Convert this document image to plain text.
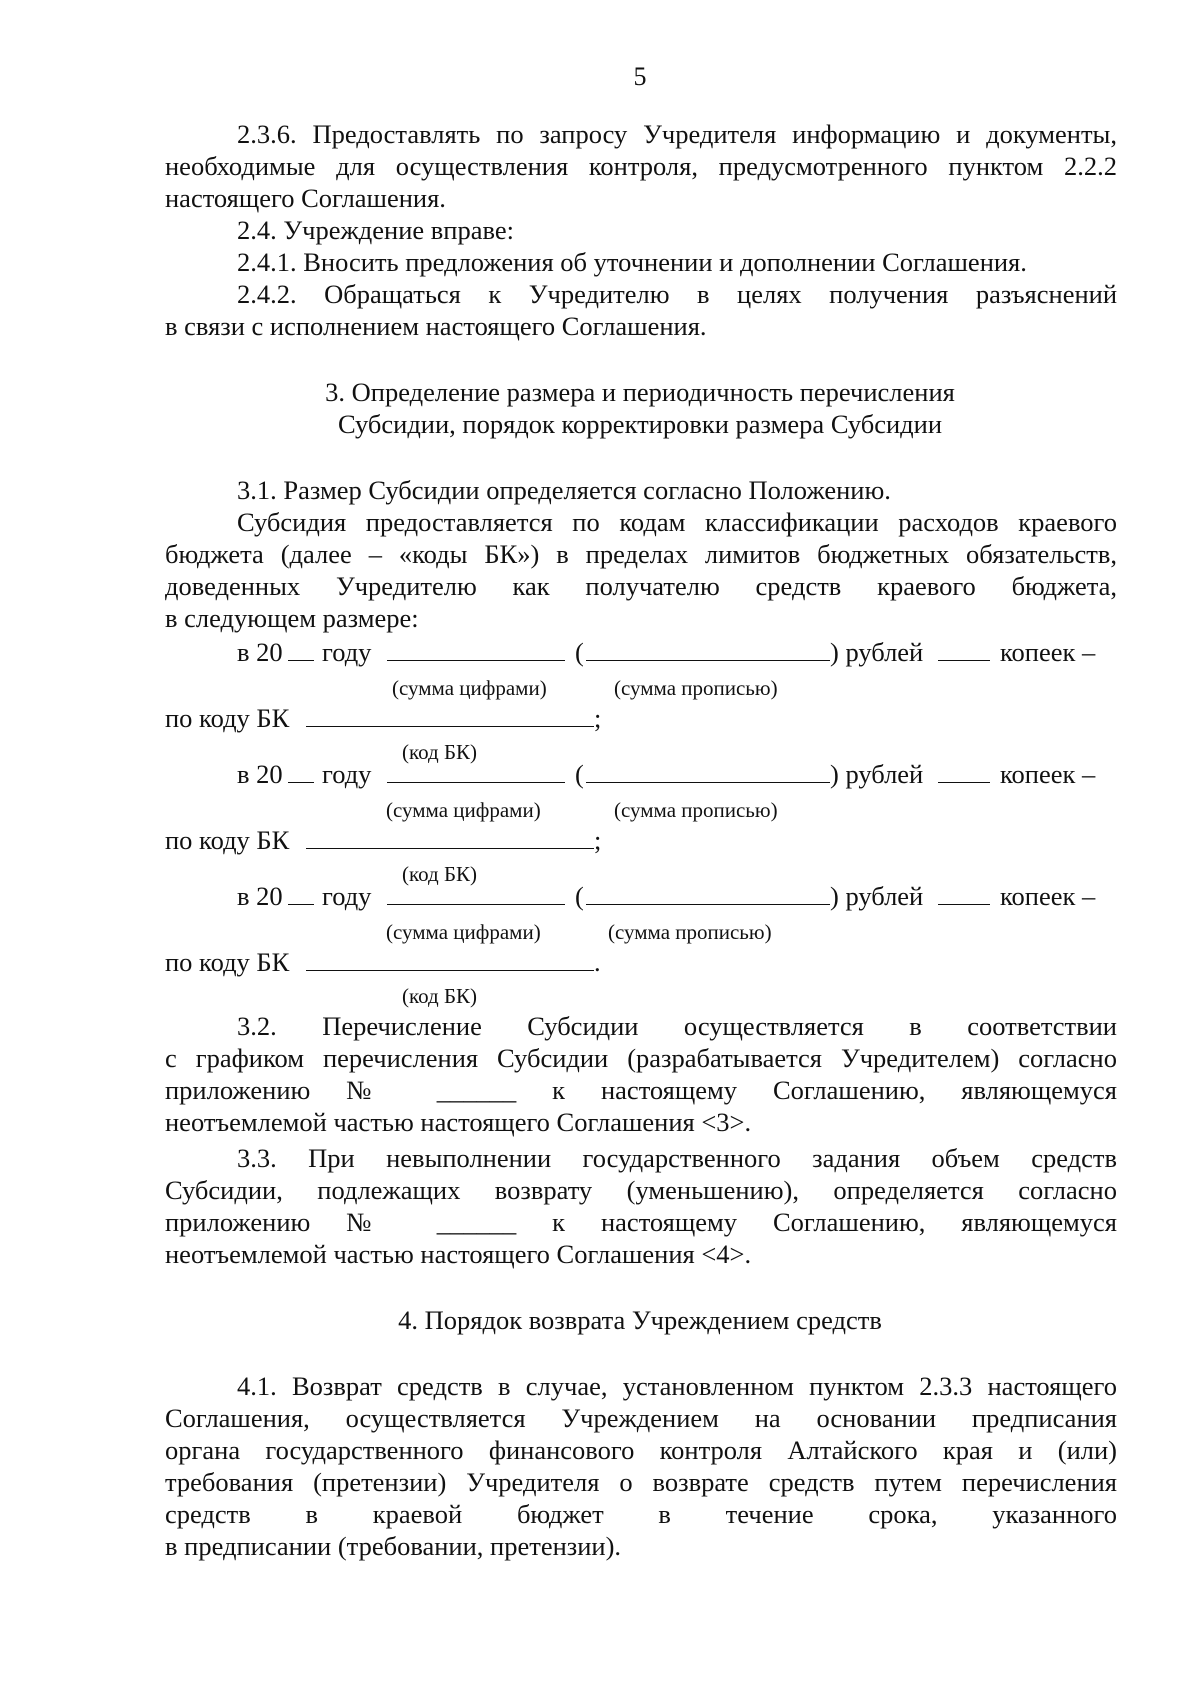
5
2.3.6. Предоставлять по запросу Учредителя информацию и документы,
необходимые для осуществления контроля, предусмотренного пунктом 2.2.2
настоящего Соглашения.
2.4. Учреждение вправе:
2.4.1. Вносить предложения об уточнении и дополнении Соглашения.
2.4.2. Обращаться к Учредителю в целях получения разъяснений
в связи с исполнением настоящего Соглашения.
3. Определение размера и периодичность перечисления
Субсидии, порядок корректировки размера Субсидии
3.1. Размер Субсидии определяется согласно Положению.
Субсидия предоставляется по кодам классификации расходов краевого
бюджета (далее – «коды БК») в пределах лимитов бюджетных обязательств,
доведенных Учредителю как получателю средств краевого бюджета,
в следующем размере:
в 20 году	(	) рублей	копеек –
(сумма цифрами)	(сумма прописью)
по коду БК	;
(код БК)
в 20 году	(	) рублей	копеек –
(сумма цифрами)	(сумма прописью)
по коду БК	;
(код БК)
в 20 году	(	) рублей	копеек –
(сумма цифрами)	(сумма прописью)
по коду БК	.
(код БК)
3.2. Перечисление Субсидии осуществляется в соответствии
с графиком перечисления Субсидии (разрабатывается Учредителем) согласно
приложению № ______ к настоящему Соглашению, являющемуся
неотъемлемой частью настоящего Соглашения <3>.
3.3. При невыполнении государственного задания объем средств
Субсидии, подлежащих возврату (уменьшению), определяется согласно
приложению № ______ к настоящему Соглашению, являющемуся
неотъемлемой частью настоящего Соглашения <4>.
4. Порядок возврата Учреждением средств
4.1. Возврат средств в случае, установленном пунктом 2.3.3 настоящего
Соглашения, осуществляется Учреждением на основании предписания
органа государственного финансового контроля Алтайского края и (или)
требования (претензии) Учредителя о возврате средств путем перечисления
средств в краевой бюджет в течение срока, указанного
в предписании (требовании, претензии).
